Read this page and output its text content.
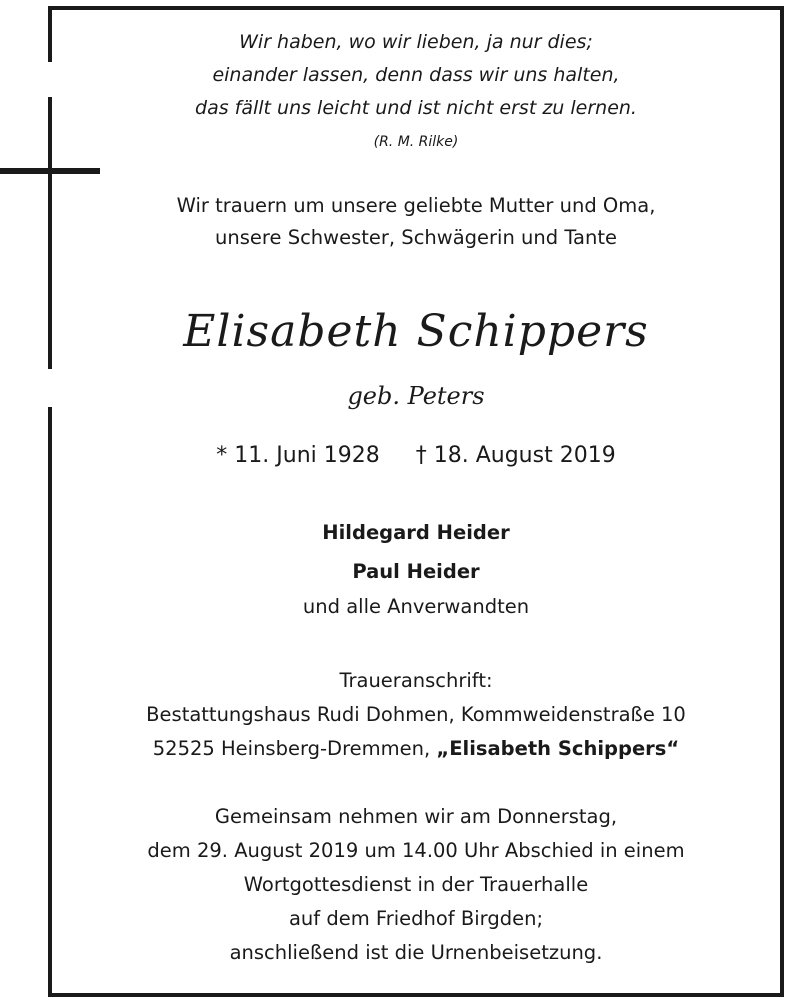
Wir haben, wo wir lieben, ja nur dies;
einander lassen, denn dass wir uns halten,
das fällt uns leicht und ist nicht erst zu lernen.
(R. M. Rilke)
Wir trauern um unsere geliebte Mutter und Oma,
unsere Schwester, Schwägerin und Tante
Elisabeth Schippers
geb. Peters
* 11. Juni 1928 † 18. August 2019
Hildegard Heider
Paul Heider
und alle Anverwandten
Traueranschrift:
Bestattungshaus Rudi Dohmen, Kommweidenstraße 10
52525 Heinsberg-Dremmen, „Elisabeth Schippers“
Gemeinsam nehmen wir am Donnerstag,
dem 29. August 2019 um 14.00 Uhr Abschied in einem
Wortgottesdienst in der Trauerhalle
auf dem Friedhof Birgden;
anschließend ist die Urnenbeisetzung.
